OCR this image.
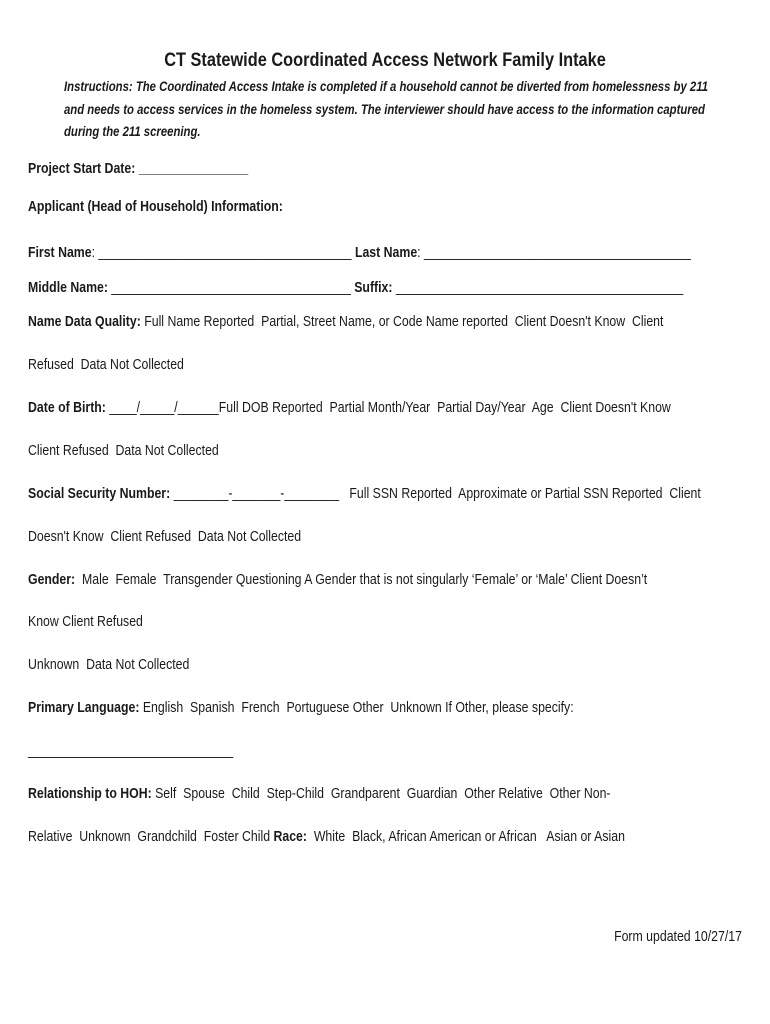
CT Statewide Coordinated Access Network Family Intake
Instructions: The Coordinated Access Intake is completed if a household cannot be diverted from homelessness by 211
and needs to access services in the homeless system. The interviewer should have access to the information captured
during the 211 screening.
Project Start Date: ________________
Applicant (Head of Household) Information:
First Name: _____________________________________ Last Name: _______________________________________
Middle Name: ___________________________________ Suffix: __________________________________________
Name Data Quality: Full Name Reported Partial, Street Name, or Code Name reported Client Doesn't Know Client
Refused Data Not Collected
Date of Birth: ____/_____/______Full DOB Reported Partial Month/Year Partial Day/Year Age Client Doesn't Know
Client Refused Data Not Collected
Social Security Number: ________-_______-________ Full SSN Reported Approximate or Partial SSN Reported Client
Doesn't Know Client Refused Data Not Collected
Gender: Male Female Transgender Questioning A Gender that is not singularly ‘Female’ or ‘Male’ Client Doesn’t
Know Client Refused
Unknown Data Not Collected
Primary Language: English Spanish French Portuguese Other Unknown If Other, please specify:
______________________________
Relationship to HOH: Self Spouse Child Step-Child Grandparent Guardian Other Relative Other Non-
Relative Unknown Grandchild Foster Child Race: White Black, African American or African Asian or Asian
Form updated 10/27/17
